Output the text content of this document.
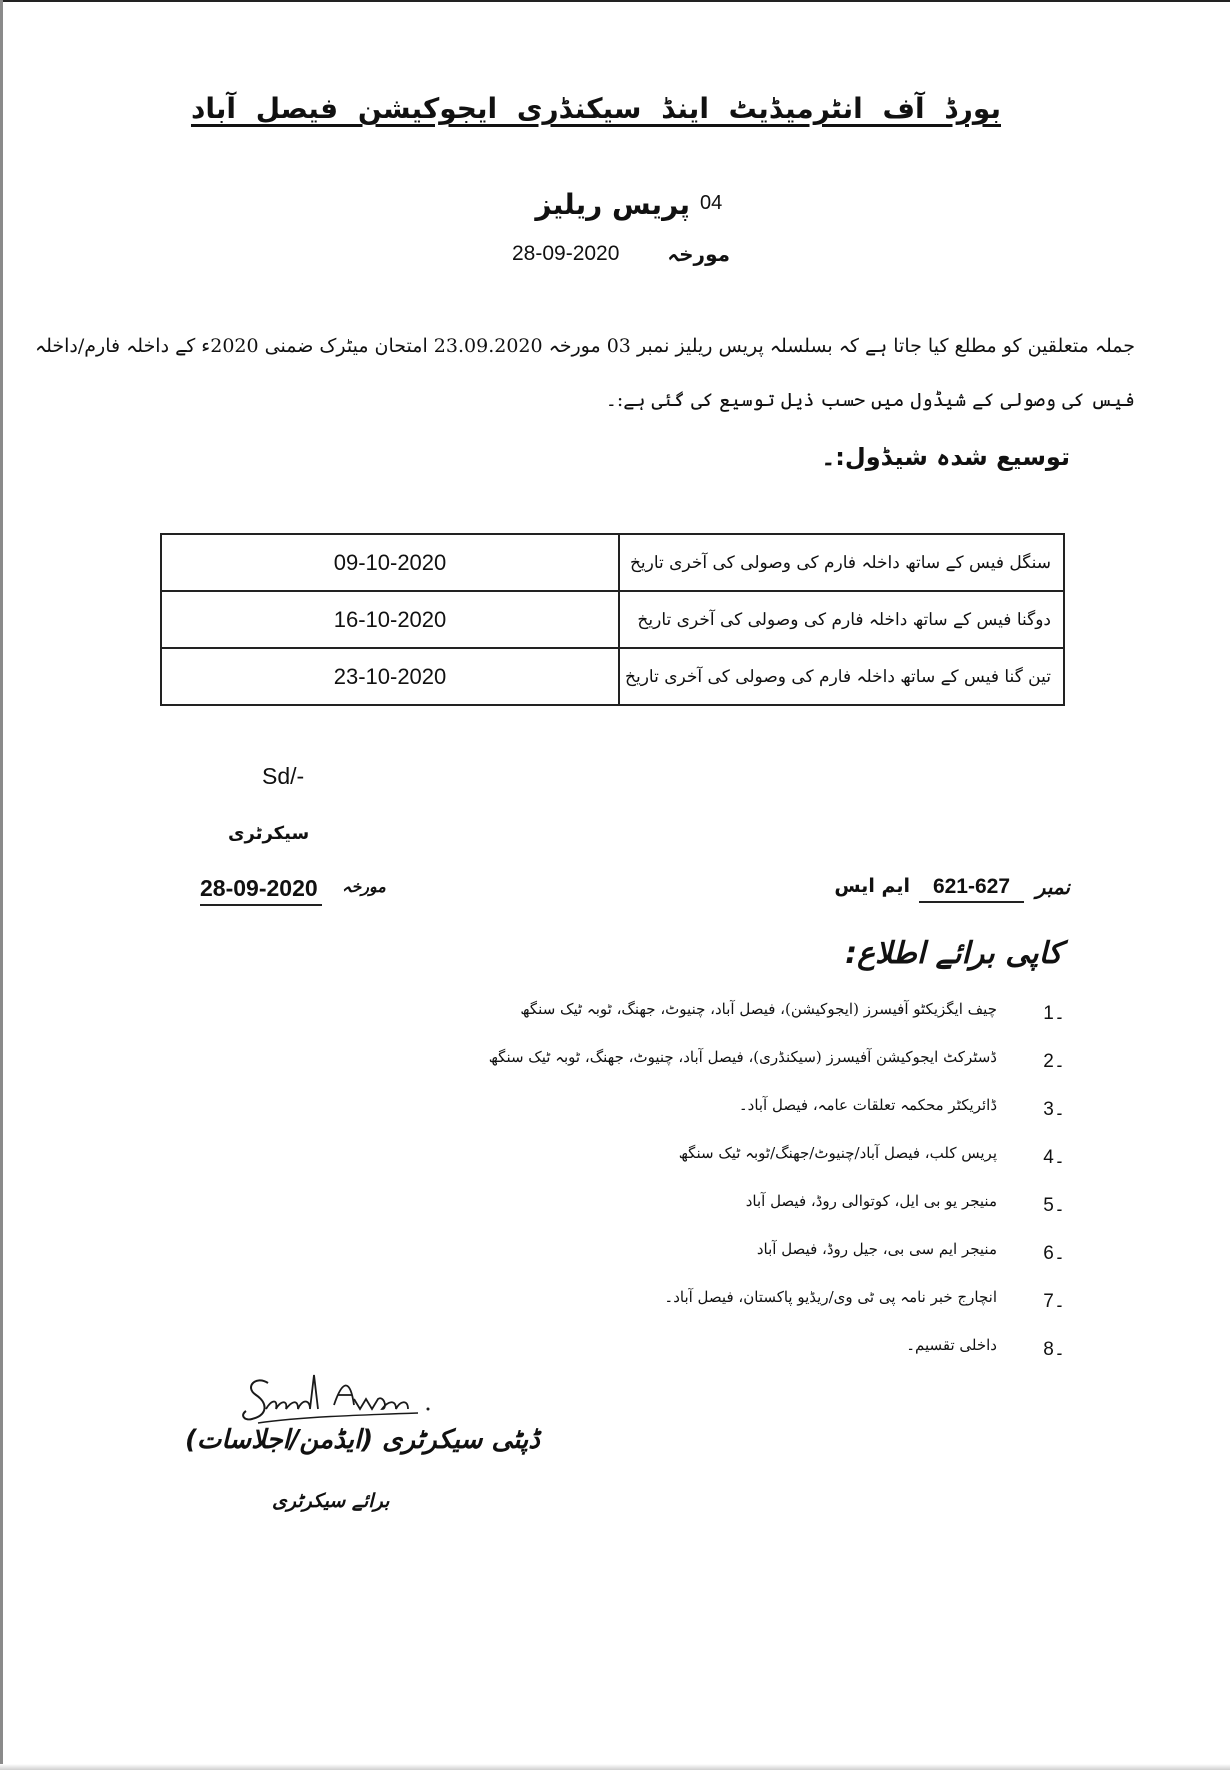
بورڈ آف انٹرمیڈیٹ اینڈ سیکنڈری ایجوکیشن فیصل آباد
پریس ریلیز 04
مورخہ
28-09-2020
جملہ متعلقین کو مطلع کیا جاتا ہے کہ بسلسلہ پریس ریلیز نمبر 03 مورخہ 23.09.2020 امتحان میٹرک ضمنی 2020ء کے داخلہ فارم/داخلہ
فیس کی وصولی کے شیڈول میں حسب ذیل توسیع کی گئی ہے:۔
توسیع شدہ شیڈول:۔
09-10-2020	سنگل فیس کے ساتھ داخلہ فارم کی وصولی کی آخری تاریخ
16-10-2020	دوگنا فیس کے ساتھ داخلہ فارم کی وصولی کی آخری تاریخ
23-10-2020	تین گنا فیس کے ساتھ داخلہ فارم کی وصولی کی آخری تاریخ
Sd/-
سیکرٹری
28-09-2020 مورخہ	نمبر
621-627
ایم ایس
کاپی برائے اطلاع:
1۔
چیف ایگزیکٹو آفیسرز (ایجوکیشن)، فیصل آباد، چنیوٹ، جھنگ، ٹوبہ ٹیک سنگھ
2۔
ڈسٹرکٹ ایجوکیشن آفیسرز (سیکنڈری)، فیصل آباد، چنیوٹ، جھنگ، ٹوبہ ٹیک سنگھ
3۔
ڈائریکٹر محکمہ تعلقات عامہ، فیصل آباد۔
4۔
پریس کلب، فیصل آباد/چنیوٹ/جھنگ/ٹوبہ ٹیک سنگھ
5۔
منیجر یو بی ایل، کوتوالی روڈ، فیصل آباد
6۔
منیجر ایم سی بی، جیل روڈ، فیصل آباد
7۔
انچارج خبر نامہ پی ٹی وی/ریڈیو پاکستان، فیصل آباد۔
8۔
داخلی تقسیم۔
ڈپٹی سیکرٹری (ایڈمن/اجلاسات)
برائے سیکرٹری
